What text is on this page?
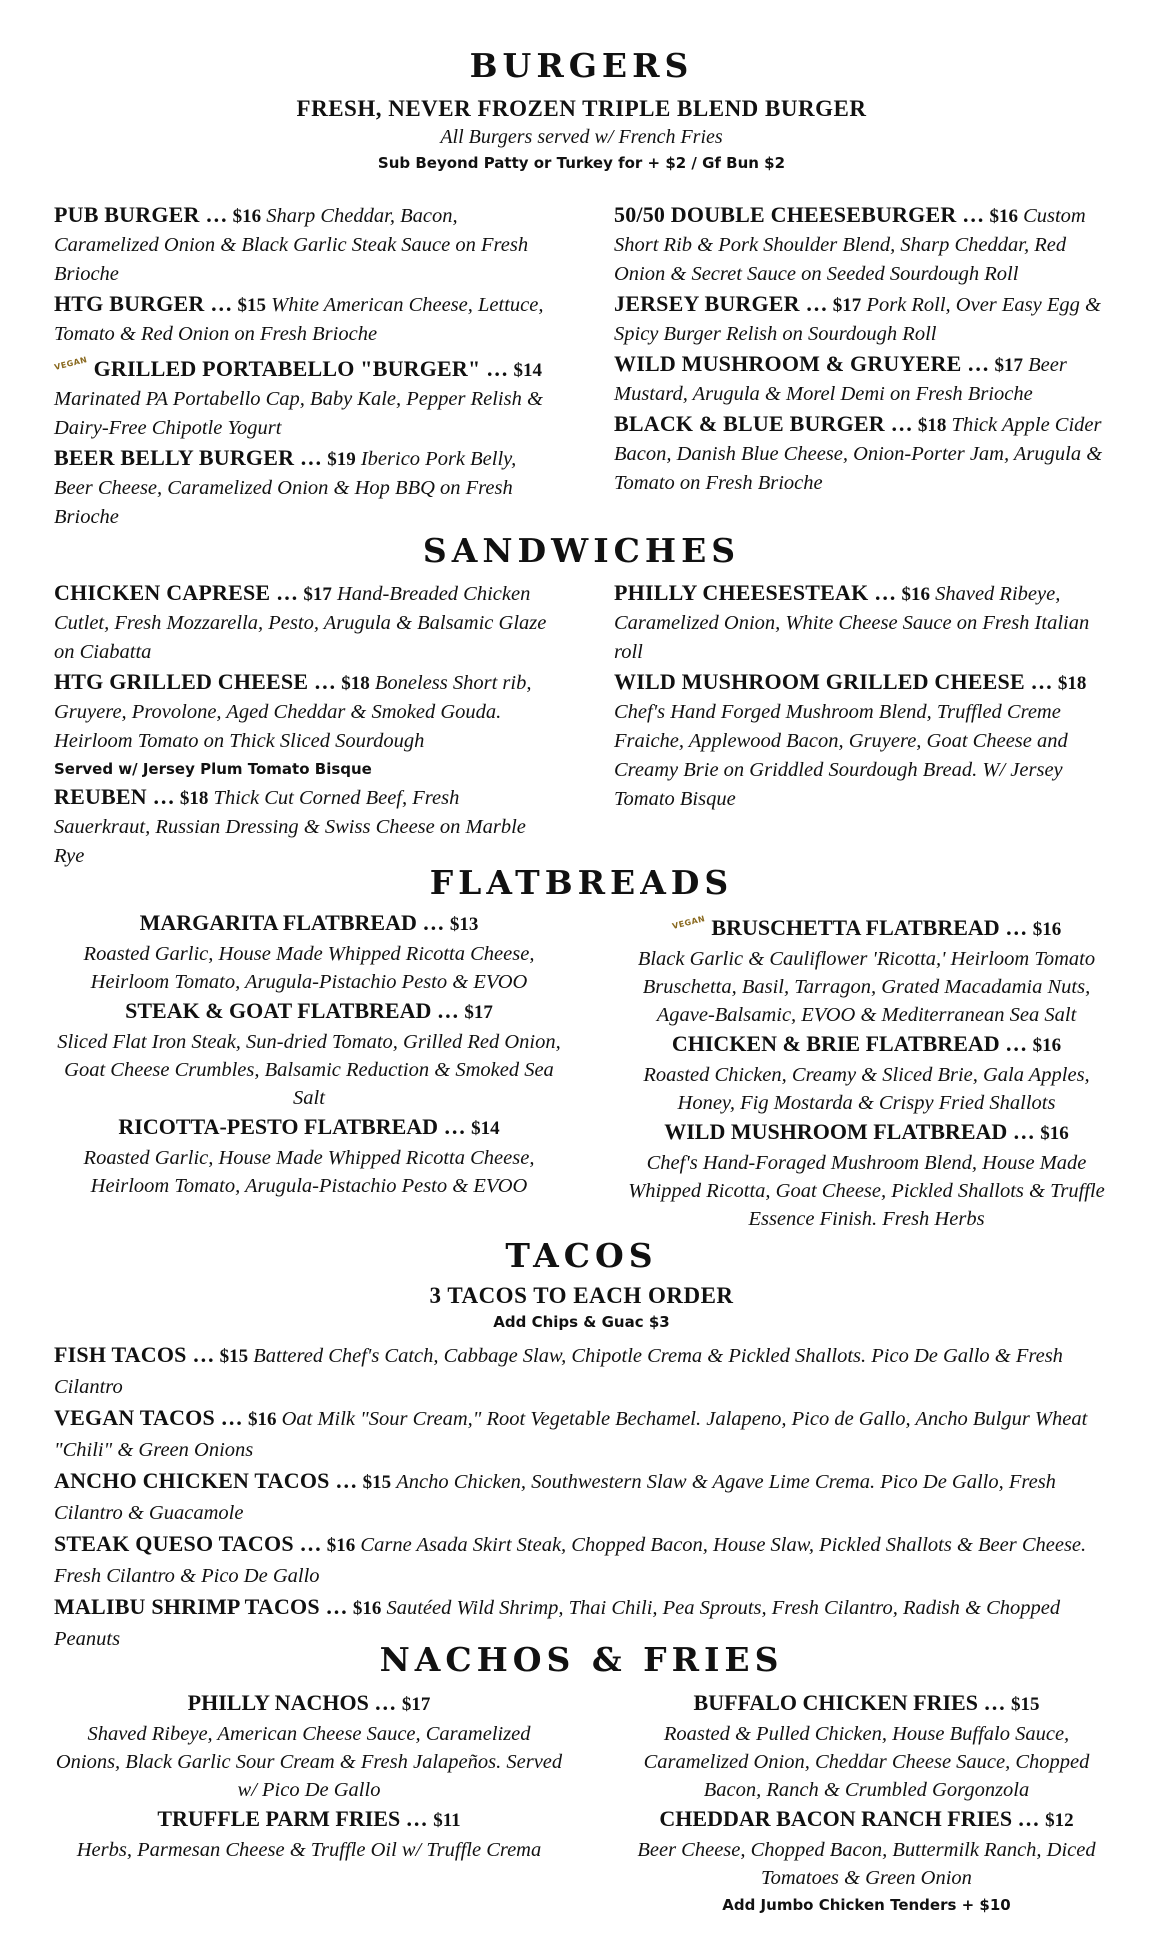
BURGERS
FRESH, NEVER FROZEN TRIPLE BLEND BURGER
All Burgers served w/ French Fries
Sub Beyond Patty or Turkey for + $2 / Gf Bun $2

PUB BURGER … $16 Sharp Cheddar, Bacon, Caramelized Onion & Black Garlic Steak Sauce on Fresh Brioche

HTG BURGER … $15 White American Cheese, Lettuce, Tomato & Red Onion on Fresh Brioche

VEGAN GRILLED PORTABELLO "BURGER" … $14 Marinated PA Portabello Cap, Baby Kale, Pepper Relish & Dairy-Free Chipotle Yogurt

BEER BELLY BURGER … $19 Iberico Pork Belly, Beer Cheese, Caramelized Onion & Hop BBQ on Fresh Brioche

50/50 DOUBLE CHEESEBURGER … $16 Custom Short Rib & Pork Shoulder Blend, Sharp Cheddar, Red Onion & Secret Sauce on Seeded Sourdough Roll

JERSEY BURGER … $17 Pork Roll, Over Easy Egg & Spicy Burger Relish on Sourdough Roll

WILD MUSHROOM & GRUYERE … $17 Beer Mustard, Arugula & Morel Demi on Fresh Brioche

BLACK & BLUE BURGER … $18 Thick Apple Cider Bacon, Danish Blue Cheese, Onion-Porter Jam, Arugula & Tomato on Fresh Brioche

SANDWICHES

CHICKEN CAPRESE … $17 Hand-Breaded Chicken Cutlet, Fresh Mozzarella, Pesto, Arugula & Balsamic Glaze on Ciabatta

HTG GRILLED CHEESE … $18 Boneless Short rib, Gruyere, Provolone, Aged Cheddar & Smoked Gouda. Heirloom Tomato on Thick Sliced Sourdough

Served w/ Jersey Plum Tomato Bisque

REUBEN … $18 Thick Cut Corned Beef, Fresh Sauerkraut, Russian Dressing & Swiss Cheese on Marble Rye

PHILLY CHEESESTEAK … $16 Shaved Ribeye, Caramelized Onion, White Cheese Sauce on Fresh Italian roll

WILD MUSHROOM GRILLED CHEESE … $18 Chef's Hand Forged Mushroom Blend, Truffled Creme Fraiche, Applewood Bacon, Gruyere, Goat Cheese and Creamy Brie on Griddled Sourdough Bread. W/ Jersey Tomato Bisque

FLATBREADS
MARGARITA FLATBREAD … $13
Roasted Garlic, House Made Whipped Ricotta Cheese, Heirloom Tomato, Arugula-Pistachio Pesto & EVOO
STEAK & GOAT FLATBREAD … $17
Sliced Flat Iron Steak, Sun-dried Tomato, Grilled Red Onion, Goat Cheese Crumbles, Balsamic Reduction & Smoked Sea Salt
RICOTTA-PESTO FLATBREAD … $14
Roasted Garlic, House Made Whipped Ricotta Cheese, Heirloom Tomato, Arugula-Pistachio Pesto & EVOO
VEGAN BRUSCHETTA FLATBREAD … $16
Black Garlic & Cauliflower 'Ricotta,' Heirloom Tomato Bruschetta, Basil, Tarragon, Grated Macadamia Nuts, Agave-Balsamic, EVOO & Mediterranean Sea Salt
CHICKEN & BRIE FLATBREAD … $16
Roasted Chicken, Creamy & Sliced Brie, Gala Apples, Honey, Fig Mostarda & Crispy Fried Shallots
WILD MUSHROOM FLATBREAD … $16
Chef's Hand-Foraged Mushroom Blend, House Made Whipped Ricotta, Goat Cheese, Pickled Shallots & Truffle Essence Finish. Fresh Herbs
TACOS
3 TACOS TO EACH ORDER
Add Chips & Guac $3

FISH TACOS … $15 Battered Chef's Catch, Cabbage Slaw, Chipotle Crema & Pickled Shallots. Pico De Gallo & Fresh Cilantro

VEGAN TACOS … $16 Oat Milk "Sour Cream," Root Vegetable Bechamel. Jalapeno, Pico de Gallo, Ancho Bulgur Wheat "Chili" & Green Onions

ANCHO CHICKEN TACOS … $15 Ancho Chicken, Southwestern Slaw & Agave Lime Crema. Pico De Gallo, Fresh Cilantro & Guacamole

STEAK QUESO TACOS … $16 Carne Asada Skirt Steak, Chopped Bacon, House Slaw, Pickled Shallots & Beer Cheese. Fresh Cilantro & Pico De Gallo

MALIBU SHRIMP TACOS … $16 Sautéed Wild Shrimp, Thai Chili, Pea Sprouts, Fresh Cilantro, Radish & Chopped Peanuts

NACHOS & FRIES
PHILLY NACHOS … $17
Shaved Ribeye, American Cheese Sauce, Caramelized Onions, Black Garlic Sour Cream & Fresh Jalapeños. Served w/ Pico De Gallo
TRUFFLE PARM FRIES … $11
Herbs, Parmesan Cheese & Truffle Oil w/ Truffle Crema
BUFFALO CHICKEN FRIES … $15
Roasted & Pulled Chicken, House Buffalo Sauce, Caramelized Onion, Cheddar Cheese Sauce, Chopped Bacon, Ranch & Crumbled Gorgonzola
CHEDDAR BACON RANCH FRIES … $12
Beer Cheese, Chopped Bacon, Buttermilk Ranch, Diced Tomatoes & Green Onion
Add Jumbo Chicken Tenders + $10
